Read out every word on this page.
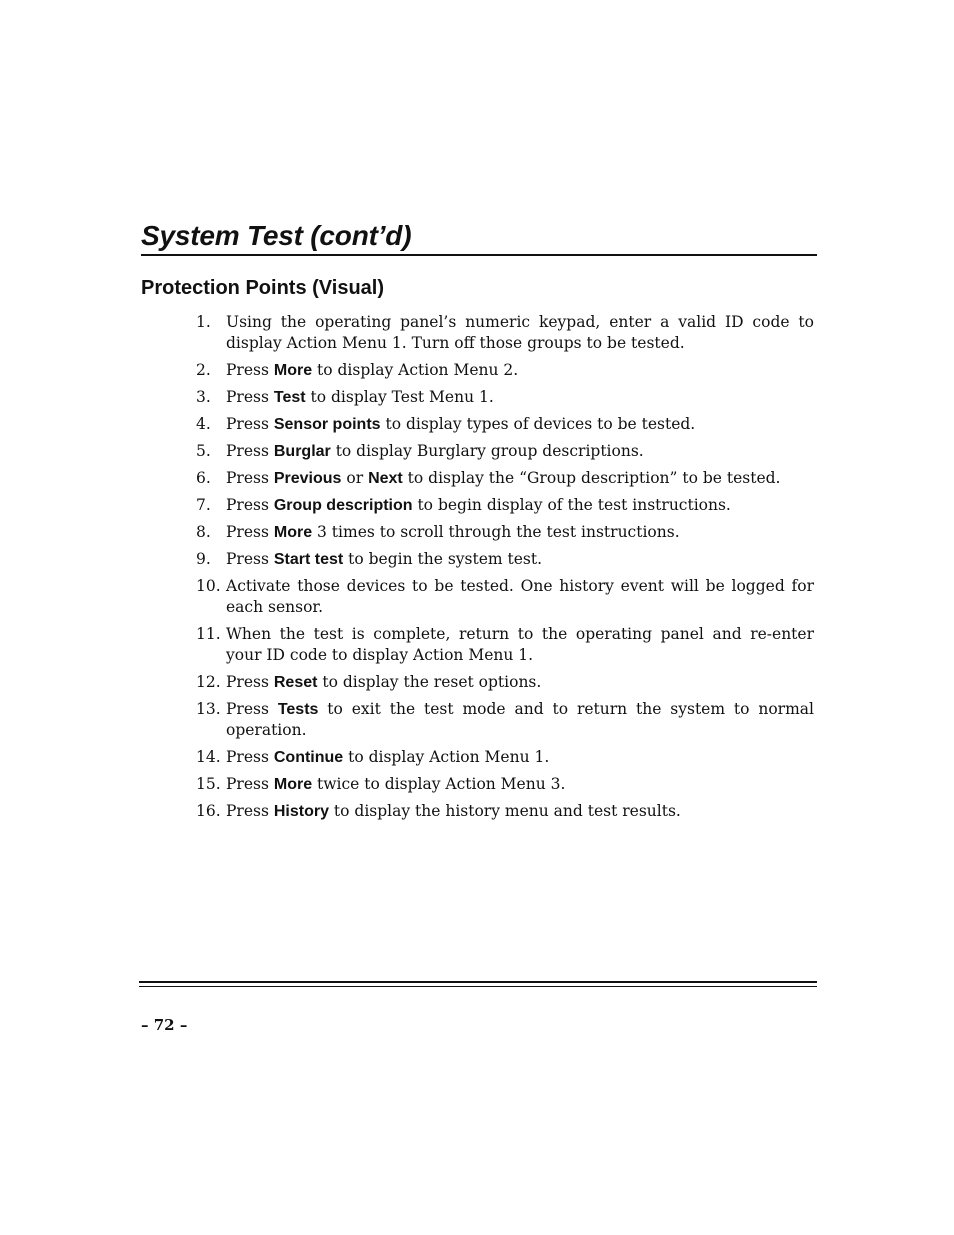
System Test (cont’d)
Protection Points (Visual)
1. Using the operating panel’s numeric keypad, enter a valid ID code to display Action Menu 1. Turn off those groups to be tested.
2. Press More to display Action Menu 2.
3. Press Test to display Test Menu 1.
4. Press Sensor points to display types of devices to be tested.
5. Press Burglar to display Burglary group descriptions.
6. Press Previous or Next to display the “Group description” to be tested.
7. Press Group description to begin display of the test instructions.
8. Press More 3 times to scroll through the test instructions.
9. Press Start test to begin the system test.
10. Activate those devices to be tested. One history event will be logged for each sensor.
11. When the test is complete, return to the operating panel and re-enter your ID code to display Action Menu 1.
12. Press Reset to display the reset options.
13. Press Tests to exit the test mode and to return the system to normal operation.
14. Press Continue to display Action Menu 1.
15. Press More twice to display Action Menu 3.
16. Press History to display the history menu and test results.
– 72 –
